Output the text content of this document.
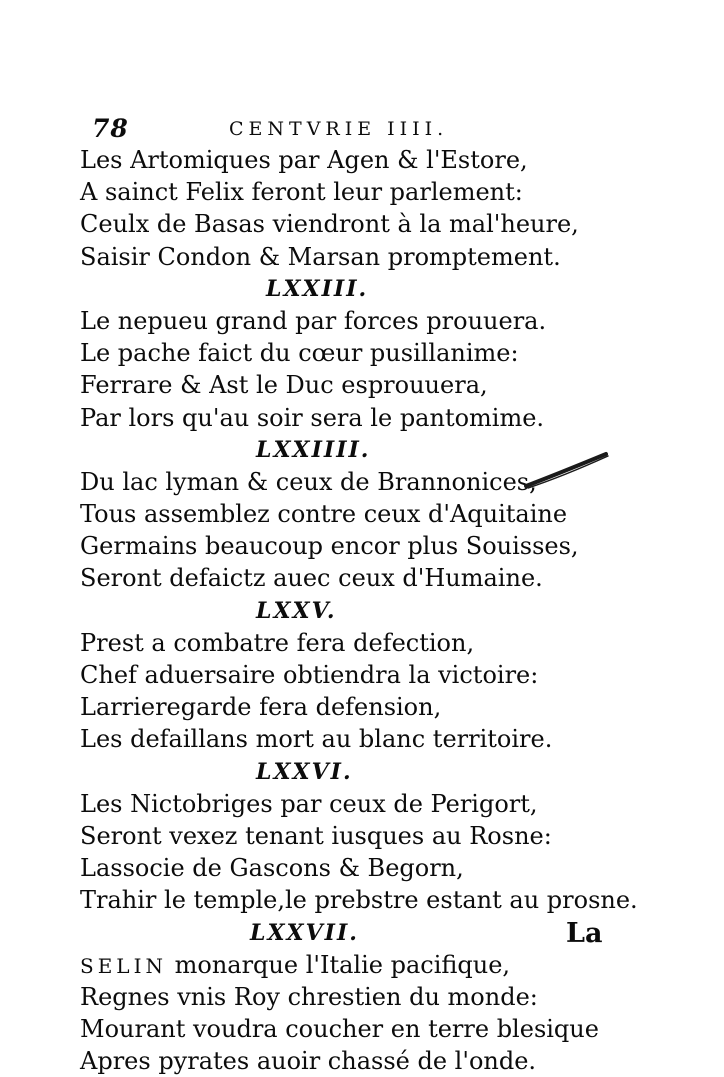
78	CENTVRIE IIII.
Les Artomiques par Agen & l'Estore,
A sainct Felix feront leur parlement:
Ceulx de Basas viendront à la mal'heure,
Saisir Condon & Marsan promptement.
LXXIII.
Le nepueu grand par forces prouuera.
Le pache faict du cœur pusillanime:
Ferrare & Ast le Duc esprouuera,
Par lors qu'au soir sera le pantomime.
LXXIIII.
Du lac lyman & ceux de Brannonices,
Tous assemblez contre ceux d'Aquitaine
Germains beaucoup encor plus Souisses,
Seront defaictz auec ceux d'Humaine.
LXXV.
Prest a combatre fera defection,
Chef aduersaire obtiendra la victoire:
Larrieregarde fera defension,
Les defaillans mort au blanc territoire.
LXXVI.
Les Nictobriges par ceux de Perigort,
Seront vexez tenant iusques au Rosne:
Lassocie de Gascons & Begorn,
Trahir le temple,le prebstre estant au prosne.
LXXVII.
SELIN monarque l'Italie pacifique,
Regnes vnis Roy chrestien du monde:
Mourant voudra coucher en terre blesique
Apres pyrates auoir chassé de l'onde.
La
